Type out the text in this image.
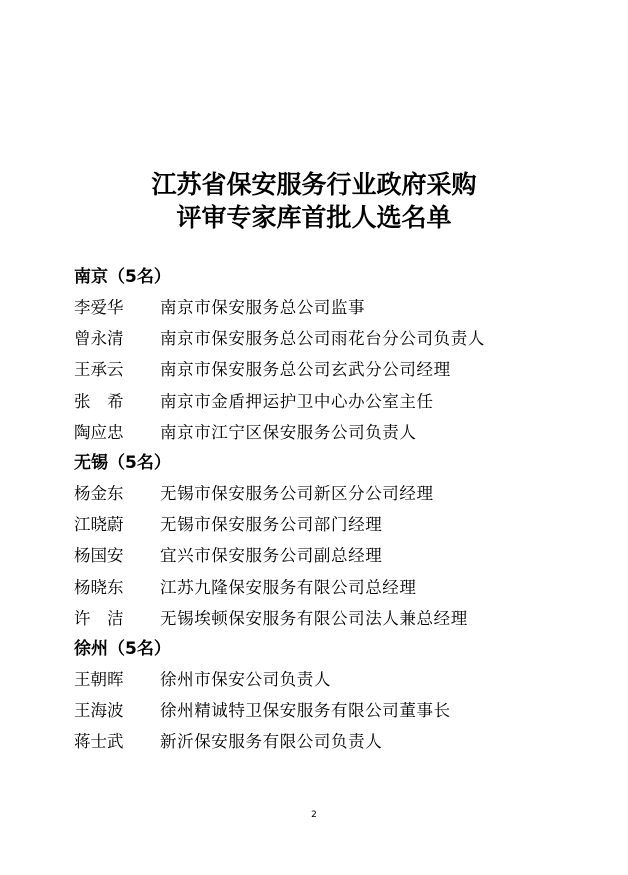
江苏省保安服务行业政府采购
评审专家库首批人选名单
南京（5名）
李爱华	南京市保安服务总公司监事
曾永清	南京市保安服务总公司雨花台分公司负责人
王承云	南京市保安服务总公司玄武分公司经理
张　希	南京市金盾押运护卫中心办公室主任
陶应忠	南京市江宁区保安服务公司负责人
无锡（5名）
杨金东	无锡市保安服务公司新区分公司经理
江晓蔚	无锡市保安服务公司部门经理
杨国安	宜兴市保安服务公司副总经理
杨晓东	江苏九隆保安服务有限公司总经理
许　洁	无锡埃顿保安服务有限公司法人兼总经理
徐州（5名）
王朝晖	徐州市保安公司负责人
王海波	徐州精诚特卫保安服务有限公司董事长
蒋士武	新沂保安服务有限公司负责人
2
